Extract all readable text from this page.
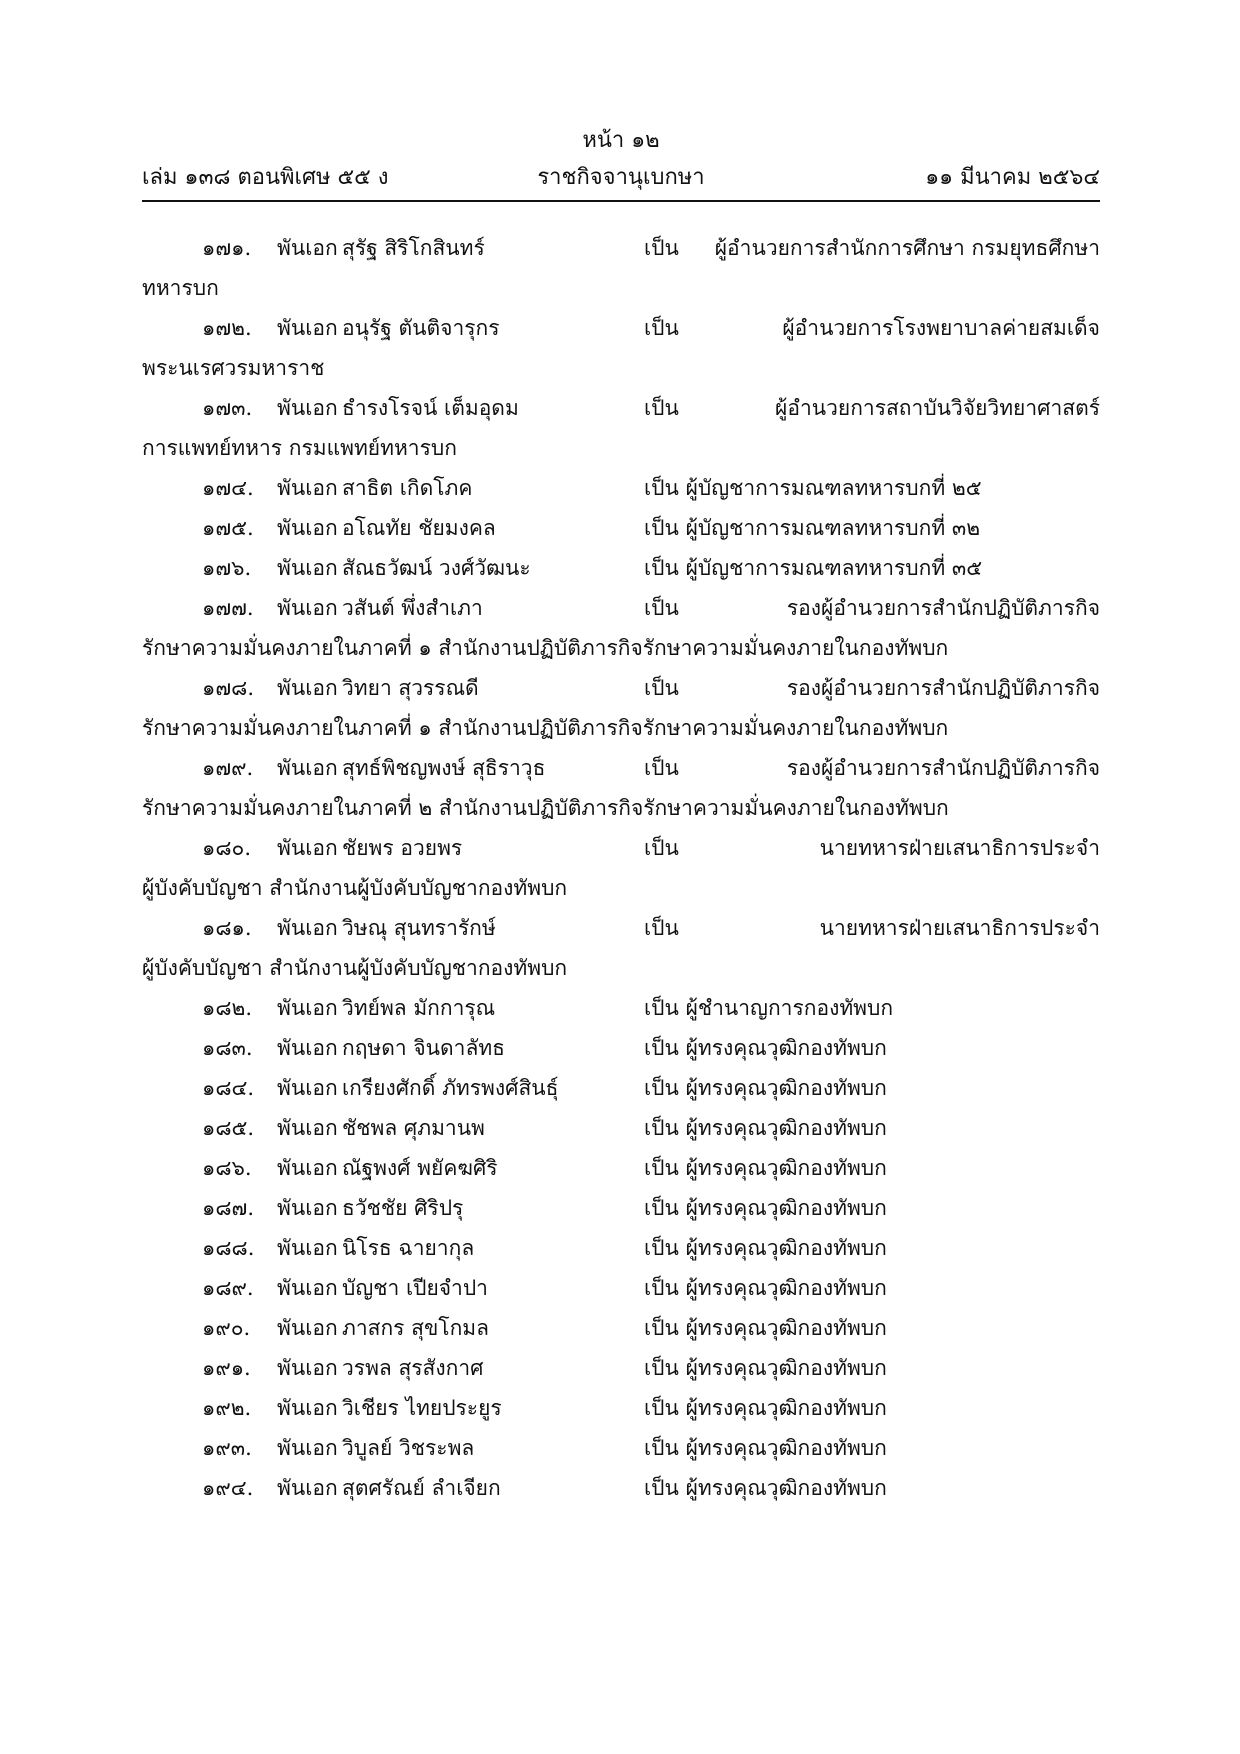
หน้า ๑๒
เล่ม ๑๓๘ ตอนพิเศษ ๕๕ ง	ราชกิจจานุเบกษา	๑๑ มีนาคม ๒๕๖๔
๑๗๑. พันเอก สุรัฐ สิริโกสินทร์	เป็น ผู้อำนวยการสำนักการศึกษา กรมยุทธศึกษา
ทหารบก
๑๗๒. พันเอก อนุรัฐ ตันติจารุกร	เป็น	ผู้อำนวยการโรงพยาบาลค่ายสมเด็จ
พระนเรศวรมหาราช
๑๗๓. พันเอก ธำรงโรจน์ เต็มอุดม	เป็น	ผู้อำนวยการสถาบันวิจัยวิทยาศาสตร์
การแพทย์ทหาร กรมแพทย์ทหารบก
๑๗๔. พันเอก สาธิต เกิดโภค	เป็น ผู้บัญชาการมณฑลทหารบกที่ ๒๕
๑๗๕. พันเอก อโณทัย ชัยมงคล	เป็น ผู้บัญชาการมณฑลทหารบกที่ ๓๒
๑๗๖. พันเอก สัณธวัฒน์ วงศ์วัฒนะ	เป็น ผู้บัญชาการมณฑลทหารบกที่ ๓๕
๑๗๗. พันเอก วสันต์ พึ่งสำเภา	เป็น	รองผู้อำนวยการสำนักปฏิบัติภารกิจ
รักษาความมั่นคงภายในภาคที่ ๑ สำนักงานปฏิบัติภารกิจรักษาความมั่นคงภายในกองทัพบก
๑๗๘. พันเอก วิทยา สุวรรณดี	เป็น	รองผู้อำนวยการสำนักปฏิบัติภารกิจ
รักษาความมั่นคงภายในภาคที่ ๑ สำนักงานปฏิบัติภารกิจรักษาความมั่นคงภายในกองทัพบก
๑๗๙. พันเอก สุทธ์พิชญพงษ์ สุธิราวุธ	เป็น	รองผู้อำนวยการสำนักปฏิบัติภารกิจ
รักษาความมั่นคงภายในภาคที่ ๒ สำนักงานปฏิบัติภารกิจรักษาความมั่นคงภายในกองทัพบก
๑๘๐. พันเอก ชัยพร อวยพร	เป็น	นายทหารฝ่ายเสนาธิการประจำ
ผู้บังคับบัญชา สำนักงานผู้บังคับบัญชากองทัพบก
๑๘๑. พันเอก วิษณุ สุนทรารักษ์	เป็น	นายทหารฝ่ายเสนาธิการประจำ
ผู้บังคับบัญชา สำนักงานผู้บังคับบัญชากองทัพบก
๑๘๒. พันเอก วิทย์พล มักการุณ	เป็น ผู้ชำนาญการกองทัพบก
๑๘๓. พันเอก กฤษดา จินดาลัทธ	เป็น ผู้ทรงคุณวุฒิกองทัพบก
๑๘๔. พันเอก เกรียงศักดิ์ ภัทรพงศ์สินธุ์	เป็น ผู้ทรงคุณวุฒิกองทัพบก
๑๘๕. พันเอก ชัชพล ศุภมานพ	เป็น ผู้ทรงคุณวุฒิกองทัพบก
๑๘๖. พันเอก ณัฐพงศ์ พยัคฆศิริ	เป็น ผู้ทรงคุณวุฒิกองทัพบก
๑๘๗. พันเอก ธวัชชัย ศิริปรุ	เป็น ผู้ทรงคุณวุฒิกองทัพบก
๑๘๘. พันเอก นิโรธ ฉายากุล	เป็น ผู้ทรงคุณวุฒิกองทัพบก
๑๘๙. พันเอก บัญชา เปียจำปา	เป็น ผู้ทรงคุณวุฒิกองทัพบก
๑๙๐. พันเอก ภาสกร สุขโกมล	เป็น ผู้ทรงคุณวุฒิกองทัพบก
๑๙๑. พันเอก วรพล สุรสังกาศ	เป็น ผู้ทรงคุณวุฒิกองทัพบก
๑๙๒. พันเอก วิเชียร ไทยประยูร	เป็น ผู้ทรงคุณวุฒิกองทัพบก
๑๙๓. พันเอก วิบูลย์ วิชระพล	เป็น ผู้ทรงคุณวุฒิกองทัพบก
๑๙๔. พันเอก สุตศรัณย์ ลำเจียก	เป็น ผู้ทรงคุณวุฒิกองทัพบก
